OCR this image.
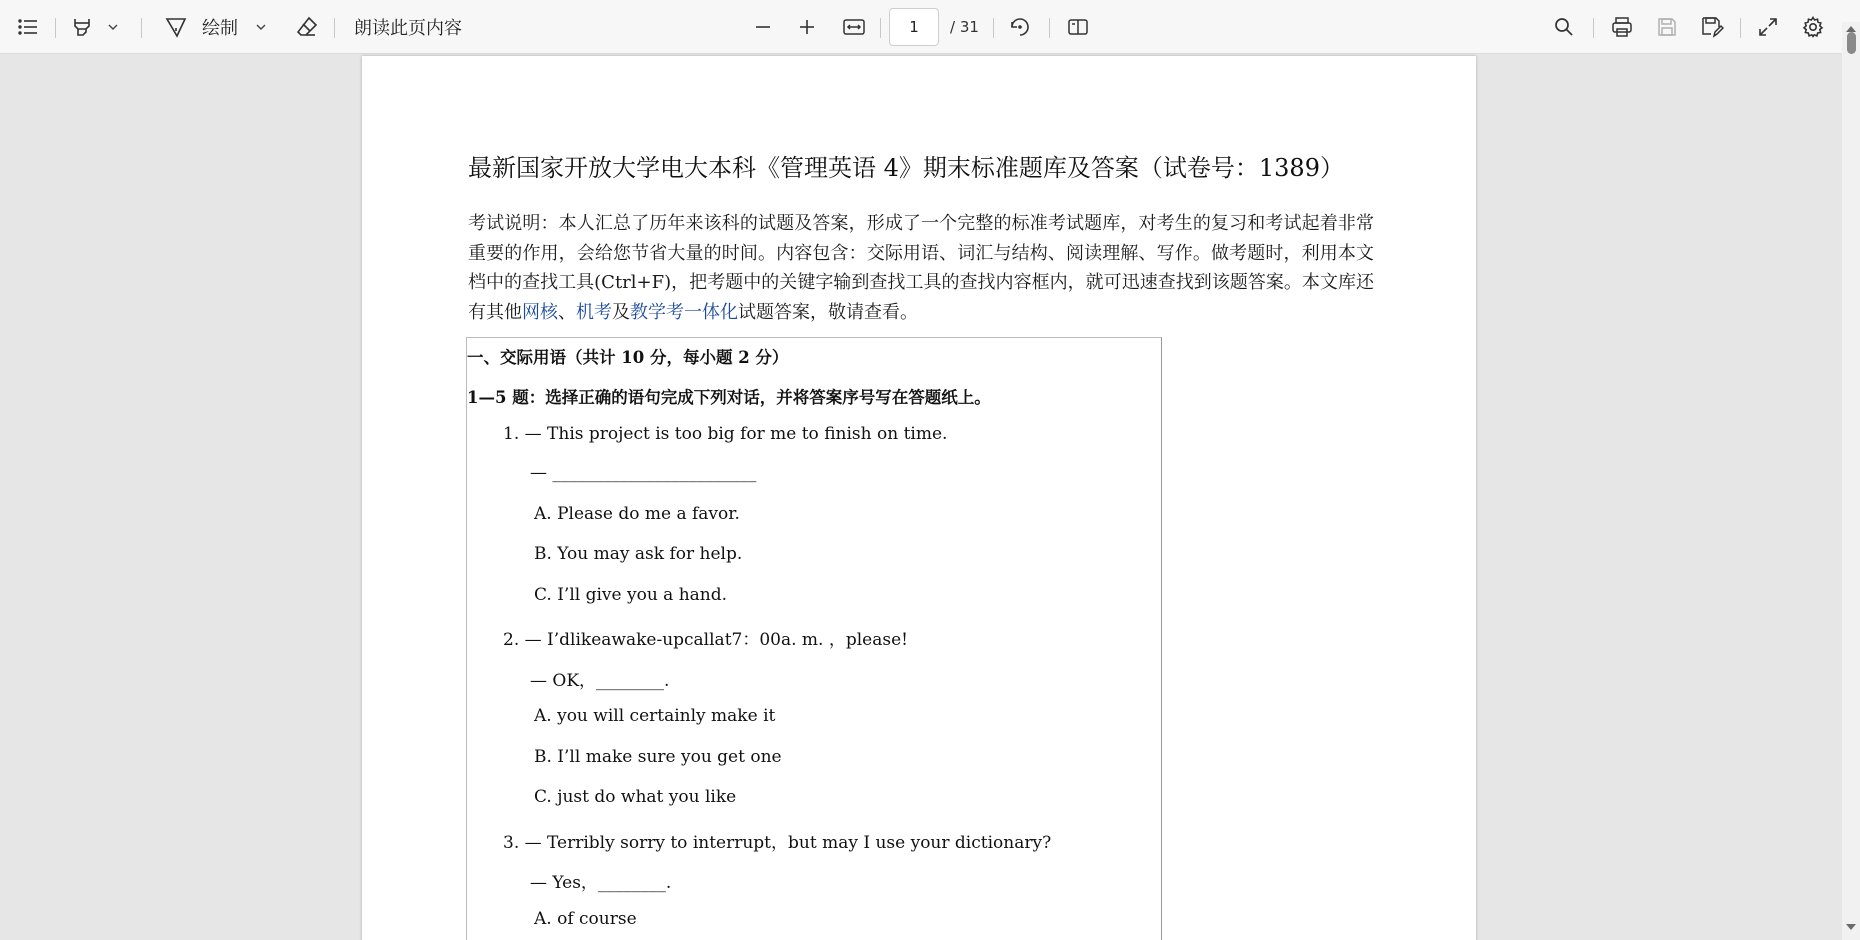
绘制	朗读此页内容
1	/ 31
最新国家开放大学电大本科《管理英语 4》期末标准题库及答案（试卷号：1389）
考试说明：本人汇总了历年来该科的试题及答案，形成了一个完整的标准考试题库，对考生的复习和考试起着非常重要的作用，会给您节省大量的时间。内容包含：交际用语、词汇与结构、阅读理解、写作。做考题时，利用本文档中的查找工具(Ctrl+F)，把考题中的关键字输到查找工具的查找内容框内，就可迅速查找到该题答案。本文库还有其他网核、机考及教学考一体化试题答案，敬请查看。
一、交际用语（共计 10 分，每小题 2 分）
1—5 题：选择正确的语句完成下列对话，并将答案序号写在答题纸上。
1. — This project is too big for me to finish on time.
— ________________________
A. Please do me a favor.
B. You may ask for help.
C. I’ll give you a hand.
2. — I’dlikeawake-upcallat7：00a. m. ，please!
— OK，________.
A. you will certainly make it
B. I’ll make sure you get one
C. just do what you like
3. — Terribly sorry to interrupt，but may I use your dictionary?
— Yes，________.
A. of course
